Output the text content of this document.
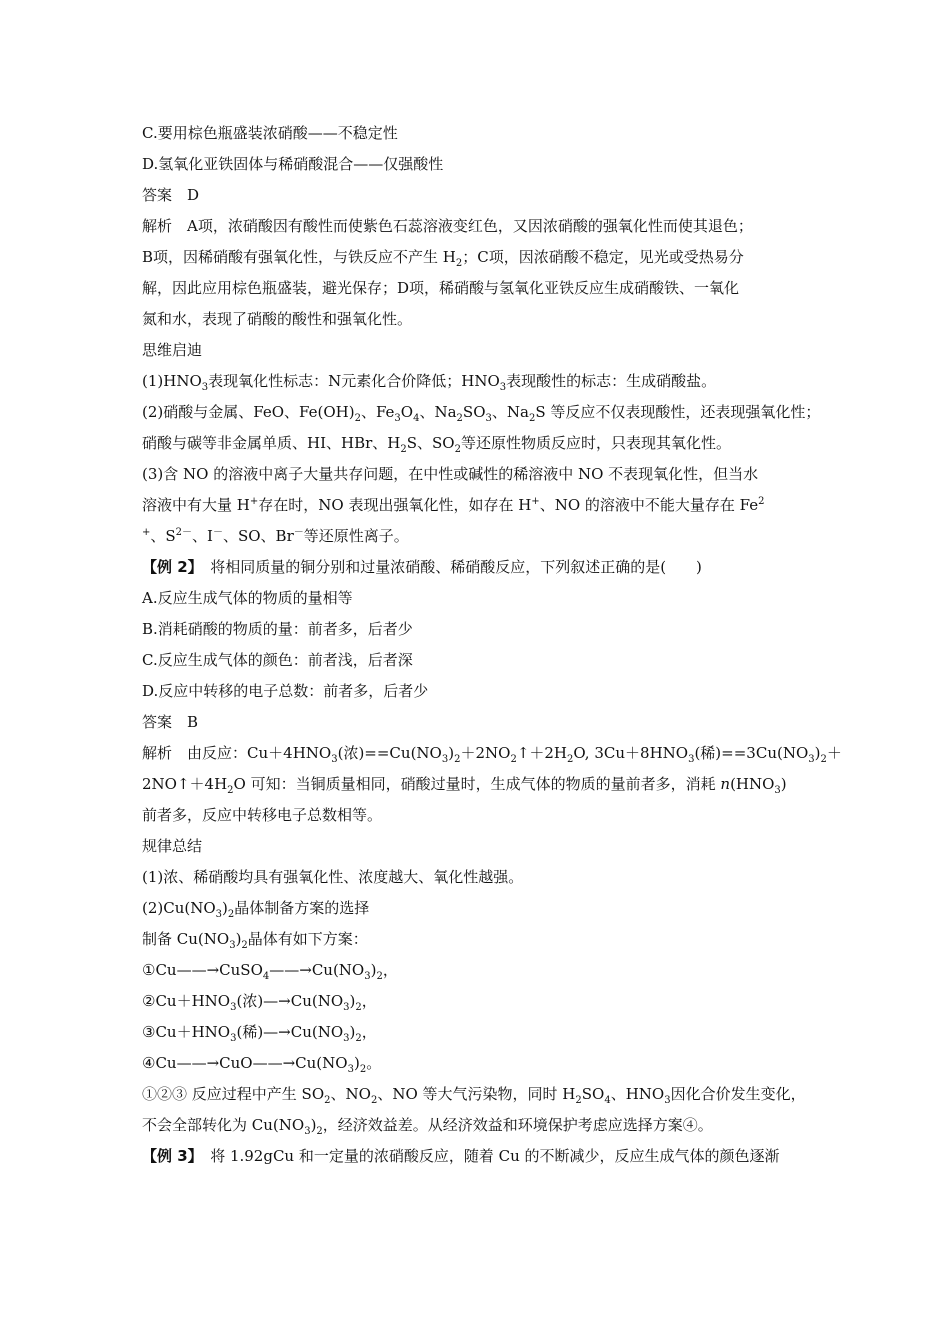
C.要用棕色瓶盛装浓硝酸——不稳定性
D.氢氧化亚铁固体与稀硝酸混合——仅强酸性
答案　 D
解析　 A项，浓硝酸因有酸性而使紫色石蕊溶液变红色，又因浓硝酸的强氧化性而使其退色；
B项，因稀硝酸有强氧化性，与铁反应不产生 $H_2$；C项，因浓硝酸不稳定，见光或受热易分
解，因此应用棕色瓶盛装，避光保存；D项，稀硝酸与氢氧化亚铁反应生成硝酸铁、一氧化
氮和水，表现了硝酸的酸性和强氧化性。
思维启迪
$(1)HNO_3$表现氧化性标志：N元素化合价降低；$HNO_3$表现酸性的标志：生成硝酸盐。
(2)硝酸与金属、FeO、$Fe(OH)_2$、$Fe_3O_4$、$Na_2SO_3$、$Na_2S$ 等反应不仅表现酸性，还表现强氧化性；
硝酸与碳等非金属单质、HI、HBr、$H_2S$、$SO_2$等还原性物质反应时，只表现其氧化性。
(3)含 NO 的溶液中离子大量共存问题，在中性或碱性的稀溶液中 NO 不表现氧化性，但当水
溶液中有大量 H+存在时，NO 表现出强氧化性，如存在 H+、NO 的溶液中不能大量存在 Fe$^2$
+、$S^{2-}$、I－、SO、Br－等还原性离子。
【例 2】　 将相同质量的铜分别和过量浓硝酸、稀硝酸反应，下列叙述正确的是(　　)
A.反应生成气体的物质的量相等
B.消耗硝酸的物质的量：前者多，后者少
C.反应生成气体的颜色：前者浅，后者深
D.反应中转移的电子总数：前者多，后者少
答案　 B
解析　 由反应：$Cu+4HNO_3$(浓)$==Cu(NO_3)_2+2NO_2↑+2H_2O$, $3Cu+8HNO_3$(稀)$==3Cu(NO_3)_2+$
$2NO↑+4H_2O$ 可知：当铜质量相同，硝酸过量时，生成气体的物质的量前者多，消耗 $n(HNO_3)$
前者多，反应中转移电子总数相等。
规律总结
(1)浓、稀硝酸均具有强氧化性、浓度越大、氧化性越强。
$(2)Cu(NO_3)_2$晶体制备方案的选择
制备 $Cu(NO_3)_2$晶体有如下方案：
$①Cu——\to CuSO_4——\to Cu(NO_3)_2$，
$②Cu+HNO_3$(浓)$—\to Cu(NO_3)_2$，
$③Cu+HNO_3$(稀)$—\to Cu(NO_3)_2$，
$④Cu——\to CuO——\to Cu(NO_3)_2$。
①②③ 反应过程中产生 $SO_2$、$NO_2$、NO 等大气污染物，同时 $H_2SO_4$、$HNO_3$因化合价发生变化，
不会全部转化为 $Cu(NO_3)_2$，经济效益差。从经济效益和环境保护考虑应选择方案④。
【例 3】　 将 1.92gCu 和一定量的浓硝酸反应，随着 Cu 的不断减少，反应生成气体的颜色逐渐
